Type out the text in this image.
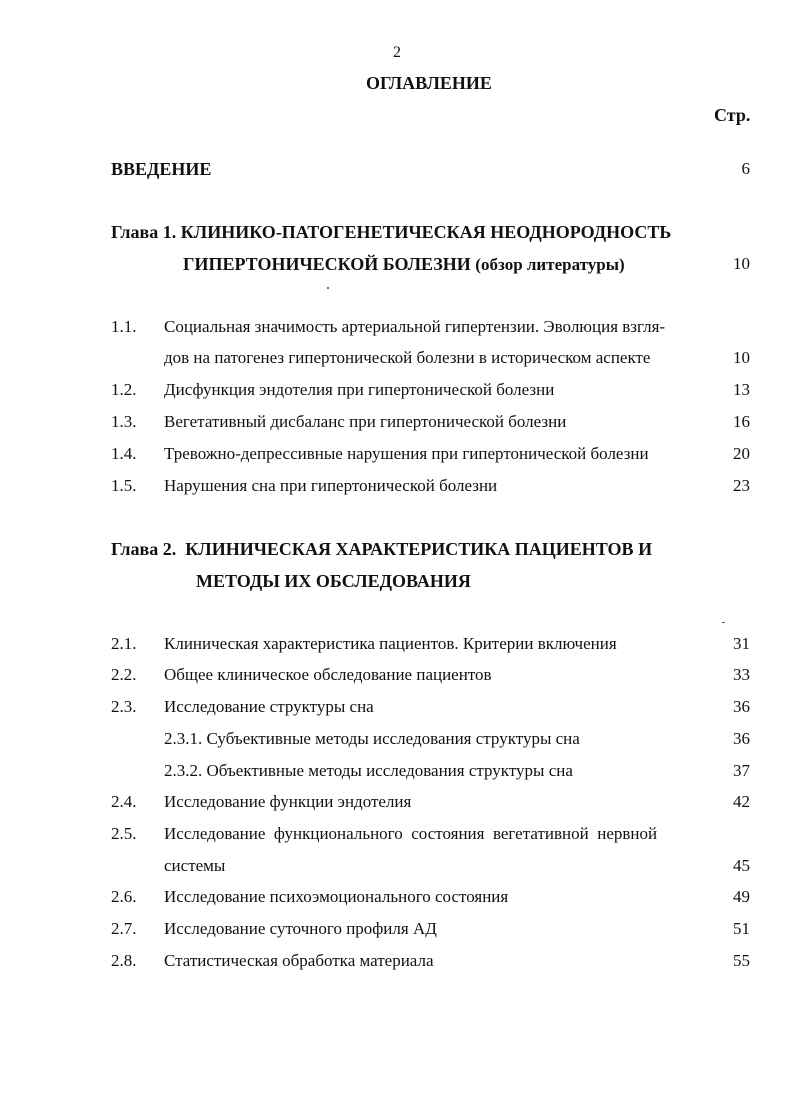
2
ОГЛАВЛЕНИЕ
Стр.
ВВЕДЕНИЕ	6
Глава 1. КЛИНИКО-ПАТОГЕНЕТИЧЕСКАЯ НЕОДНОРОДНОСТЬ
ГИПЕРТОНИЧЕСКОЙ БОЛЕЗНИ (обзор литературы)	10
1.1. Социальная значимость артериальной гипертензии. Эволюция взгля-
дов на патогенез гипертонической болезни в историческом аспекте	10
1.2. Дисфункция эндотелия при гипертонической болезни	13
1.3. Вегетативный дисбаланс при гипертонической болезни	16
1.4. Тревожно-депрессивные нарушения при гипертонической болезни	20
1.5. Нарушения сна при гипертонической болезни	23
Глава 2.  КЛИНИЧЕСКАЯ ХАРАКТЕРИСТИКА ПАЦИЕНТОВ И
МЕТОДЫ ИХ ОБСЛЕДОВАНИЯ
2.1. Клиническая характеристика пациентов. Критерии включения	31
2.2. Общее клиническое обследование пациентов	33
2.3. Исследование структуры сна	36
2.3.1. Субъективные методы исследования структуры сна	36
2.3.2. Объективные методы исследования структуры сна	37
2.4. Исследование функции эндотелия	42
2.5. Исследование  функционального  состояния  вегетативной  нервной
системы	45
2.6. Исследование психоэмоционального состояния	49
2.7. Исследование суточного профиля АД	51
2.8. Статистическая обработка материала	55
